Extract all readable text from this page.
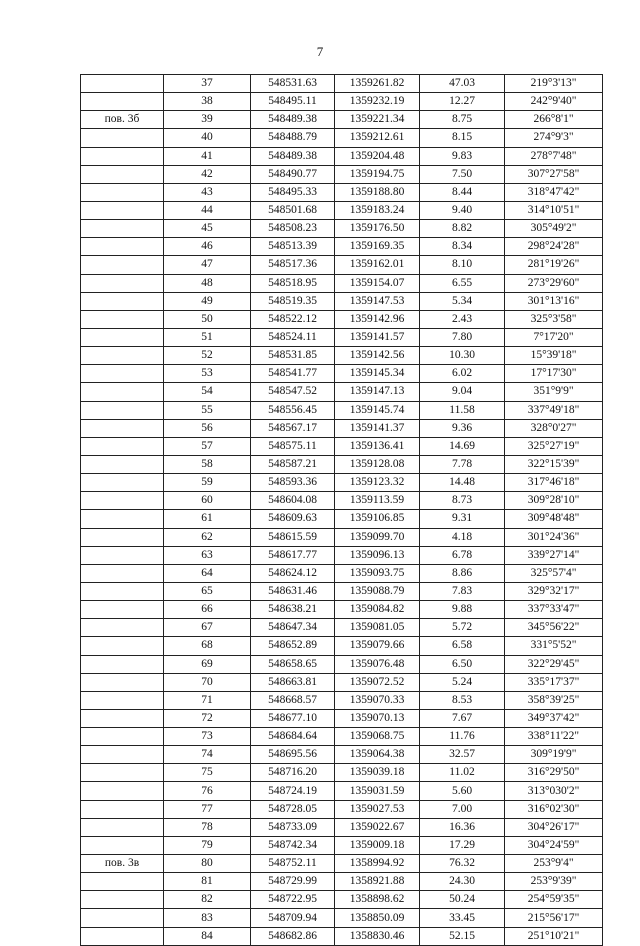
7
	37	548531.63	1359261.82	47.03	219°3'13"
	38	548495.11	1359232.19	12.27	242°9'40"
пов. 3б	39	548489.38	1359221.34	8.75	266°8'1"
	40	548488.79	1359212.61	8.15	274°9'3"
	41	548489.38	1359204.48	9.83	278°7'48"
	42	548490.77	1359194.75	7.50	307°27'58"
	43	548495.33	1359188.80	8.44	318°47'42"
	44	548501.68	1359183.24	9.40	314°10'51"
	45	548508.23	1359176.50	8.82	305°49'2"
	46	548513.39	1359169.35	8.34	298°24'28"
	47	548517.36	1359162.01	8.10	281°19'26"
	48	548518.95	1359154.07	6.55	273°29'60"
	49	548519.35	1359147.53	5.34	301°13'16"
	50	548522.12	1359142.96	2.43	325°3'58"
	51	548524.11	1359141.57	7.80	7°17'20"
	52	548531.85	1359142.56	10.30	15°39'18"
	53	548541.77	1359145.34	6.02	17°17'30"
	54	548547.52	1359147.13	9.04	351°9'9"
	55	548556.45	1359145.74	11.58	337°49'18"
	56	548567.17	1359141.37	9.36	328°0'27"
	57	548575.11	1359136.41	14.69	325°27'19"
	58	548587.21	1359128.08	7.78	322°15'39"
	59	548593.36	1359123.32	14.48	317°46'18"
	60	548604.08	1359113.59	8.73	309°28'10"
	61	548609.63	1359106.85	9.31	309°48'48"
	62	548615.59	1359099.70	4.18	301°24'36"
	63	548617.77	1359096.13	6.78	339°27'14"
	64	548624.12	1359093.75	8.86	325°57'4"
	65	548631.46	1359088.79	7.83	329°32'17"
	66	548638.21	1359084.82	9.88	337°33'47"
	67	548647.34	1359081.05	5.72	345°56'22"
	68	548652.89	1359079.66	6.58	331°5'52"
	69	548658.65	1359076.48	6.50	322°29'45"
	70	548663.81	1359072.52	5.24	335°17'37"
	71	548668.57	1359070.33	8.53	358°39'25"
	72	548677.10	1359070.13	7.67	349°37'42"
	73	548684.64	1359068.75	11.76	338°11'22"
	74	548695.56	1359064.38	32.57	309°19'9"
	75	548716.20	1359039.18	11.02	316°29'50"
	76	548724.19	1359031.59	5.60	313°030'2"
	77	548728.05	1359027.53	7.00	316°02'30"
	78	548733.09	1359022.67	16.36	304°26'17"
	79	548742.34	1359009.18	17.29	304°24'59"
пов. 3в	80	548752.11	1358994.92	76.32	253°9'4"
	81	548729.99	1358921.88	24.30	253°9'39"
	82	548722.95	1358898.62	50.24	254°59'35"
	83	548709.94	1358850.09	33.45	215°56'17"
	84	548682.86	1358830.46	52.15	251°10'21"
